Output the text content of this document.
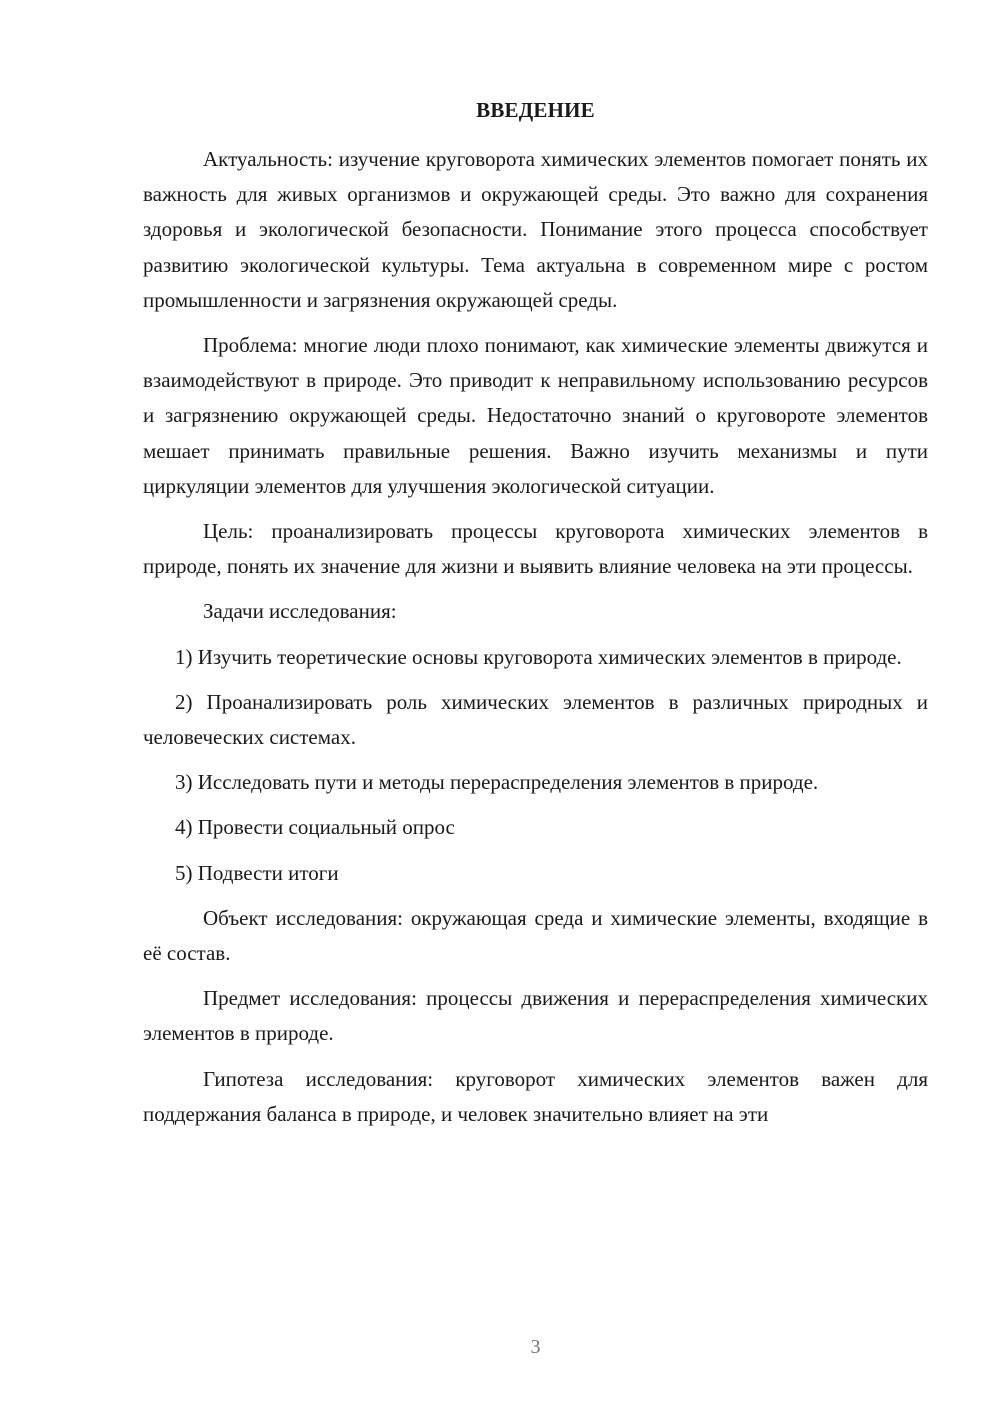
ВВЕДЕНИЕ

Актуальность: изучение круговорота химических элементов помогает понять их важность для живых организмов и окружающей среды. Это важно для сохранения здоровья и экологической безопасности. Понимание этого процесса способствует развитию экологической культуры. Тема актуальна в современном мире с ростом промышленности и загрязнения окружающей среды.

Проблема: многие люди плохо понимают, как химические элементы движутся и взаимодействуют в природе. Это приводит к неправильному использованию ресурсов и загрязнению окружающей среды. Недостаточно знаний о круговороте элементов мешает принимать правильные решения. Важно изучить механизмы и пути циркуляции элементов для улучшения экологической ситуации.

Цель: проанализировать процессы круговорота химических элементов в природе, понять их значение для жизни и выявить влияние человека на эти процессы.

Задачи исследования:

1) Изучить теоретические основы круговорота химических элементов в природе.

2) Проанализировать роль химических элементов в различных природных и человеческих системах.

3) Исследовать пути и методы перераспределения элементов в природе.

4) Провести социальный опрос

5) Подвести итоги

Объект исследования: окружающая среда и химические элементы, входящие в её состав.

Предмет исследования: процессы движения и перераспределения химических элементов в природе.

Гипотеза исследования: круговорот химических элементов важен для поддержания баланса в природе, и человек значительно влияет на эти

3
